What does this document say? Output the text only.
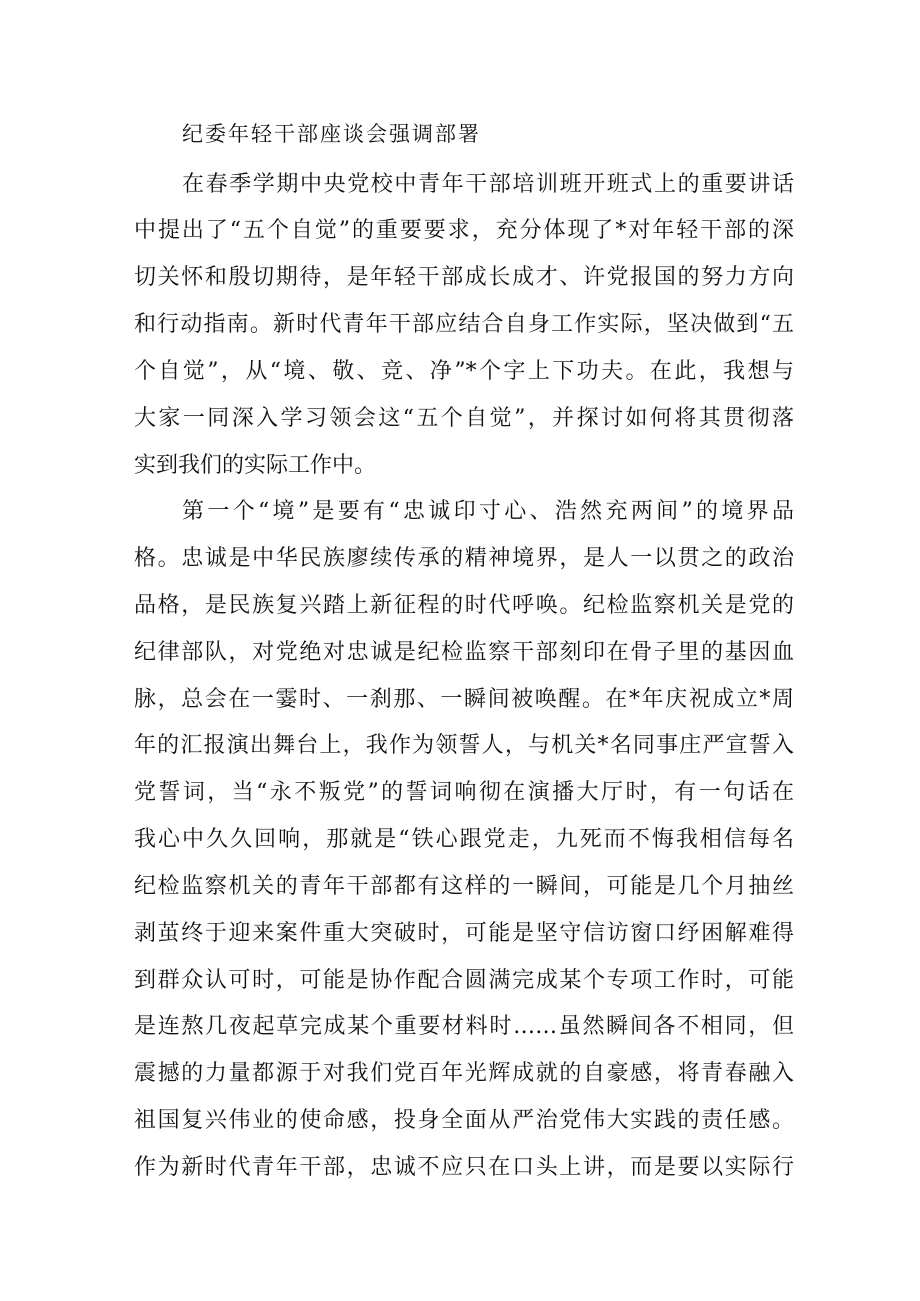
纪委年轻干部座谈会强调部署
在春季学期中央党校中青年干部培训班开班式上的重要讲话
中提出了“五个自觉”的重要要求，充分体现了*对年轻干部的深
切关怀和殷切期待，是年轻干部成长成才、许党报国的努力方向
和行动指南。新时代青年干部应结合自身工作实际，坚决做到“五
个自觉”，从“境、敬、竞、净”*个字上下功夫。在此，我想与
大家一同深入学习领会这“五个自觉”，并探讨如何将其贯彻落
实到我们的实际工作中。
第一个“境”是要有“忠诚印寸心、浩然充两间”的境界品
格。忠诚是中华民族廖续传承的精神境界，是人一以贯之的政治
品格，是民族复兴踏上新征程的时代呼唤。纪检监察机关是党的
纪律部队，对党绝对忠诚是纪检监察干部刻印在骨子里的基因血
脉，总会在一霎时、一刹那、一瞬间被唤醒。在*年庆祝成立*周
年的汇报演出舞台上，我作为领誓人，与机关*名同事庄严宣誓入
党誓词，当“永不叛党”的誓词响彻在演播大厅时，有一句话在
我心中久久回响，那就是“铁心跟党走，九死而不悔我相信每名
纪检监察机关的青年干部都有这样的一瞬间，可能是几个月抽丝
剥茧终于迎来案件重大突破时，可能是坚守信访窗口纾困解难得
到群众认可时，可能是协作配合圆满完成某个专项工作时，可能
是连熬几夜起草完成某个重要材料时……虽然瞬间各不相同，但
震撼的力量都源于对我们党百年光辉成就的自豪感，将青春融入
祖国复兴伟业的使命感，投身全面从严治党伟大实践的责任感。
作为新时代青年干部，忠诚不应只在口头上讲，而是要以实际行
